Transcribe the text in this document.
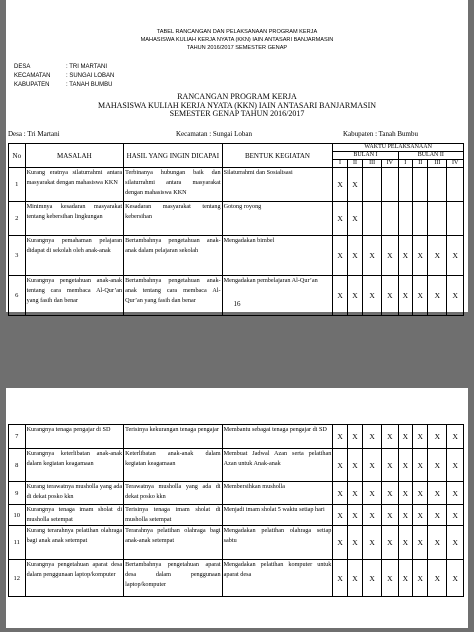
TABEL RANCANGAN DAN PELAKSANAAN PROGRAM KERJA
MAHASISWA KULIAH KERJA NYATA (KKN) IAIN ANTASARI BANJARMASIN
TAHUN 2016/2017 SEMESTER GENAP
DESA	: TRI MARTANI
KECAMATAN	: SUNGAI LOBAN
KABUPATEN	: TANAH BUMBU
RANCANGAN PROGRAM KERJA
MAHASISWA KULIAH KERJA NYATA (KKN) IAIN ANTASARI BANJARMASIN
SEMESTER GENAP TAHUN 2016/2017
Desa : Tri Martani	Kecamatan : Sungai Loban	Kabupaten : Tanah Bumbu
No	MASALAH	HASIL YANG INGIN DICAPAI	BENTUK KEGIATAN	WAKTU PELAKSANAAN							
				BULAN I				BULAN II			
				I	II	III	IV	I	II	III	IV
1	Kurang eratnya silaturrahmi antara masyarakat dengan mahasiswa KKN	Terbinanya hubungan baik dan silaturrahmi antara masyarakat dengan mahasiswa KKN	Silaturrahmi dan Sosialisasi	X	X						
2	Minimnya kesadaran masyarakat tentang kebersihan lingkungan	Kesadaran masyarakat tentang kebersihan	Gotong royong	X	X						
3	Kurangnya pemahaman pelajaran didapat di sekolah oleh anak-anak	Bertambahnya pengetahuan anak-anak dalam pelajaran sekolah	Mengadakan bimbel	X	X	X	X	X	X	X	X
6	Kurangnya pengetahuan anak-anak tentang cara membaca Al-Qur’an yang fasih dan benar	Bertambahnya pengetahuan anak-anak tentang cara membaca Al-Qur’an yang fasih dan benar	Mengadakan pembelajaran Al-Qur’an	X	X	X	X	X	X	X	X
16
7	Kurangnya tenaga pengajar di SD	Terisinya kekurangan tenaga pengajar	Membantu sebagai tenaga pengajar di SD	X	X	X	X	X	X	X	X
8	Kurangnya keterlibatan anak-anak dalam kegiatan keagamaan	Keterlibatan anak-anak dalam kegiatan keagamaan	Membuat Jadwal Azan serta pelatihan Azan untuk Anak-anak	X	X	X	X	X	X	X	X
9	Kurang terawatnya musholla yang ada di dekat posko kkn	Terawatnya musholla yang ada di dekat posko kkn	Membersihkan musholla	X	X	X	X	X	X	X	X
10	Kurangnya tenaga imam sholat di musholla setempat	Terisinya tenaga imam sholat di musholla setempat	Menjadi imam sholat 5 waktu setiap hari	X	X	X	X	X	X	X	X
11	Kurang terarahnya pelatihan olahraga bagi anak anak setempat	Terarahnya pelatihan olahraga bagi anak-anak setempat	Mengadakan pelatihan olahraga setiap sabtu	X	X	X	X	X	X	X	X
12	Kurangnya pengetahuan aparat desa dalam penggunaan laptop/komputer	Bertambahnya pengetahuan aparat desa dalam penggunaan laptop/komputer	Mengadakan pelatihan komputer untuk aparat desa	X	X	X	X	X	X	X	X
